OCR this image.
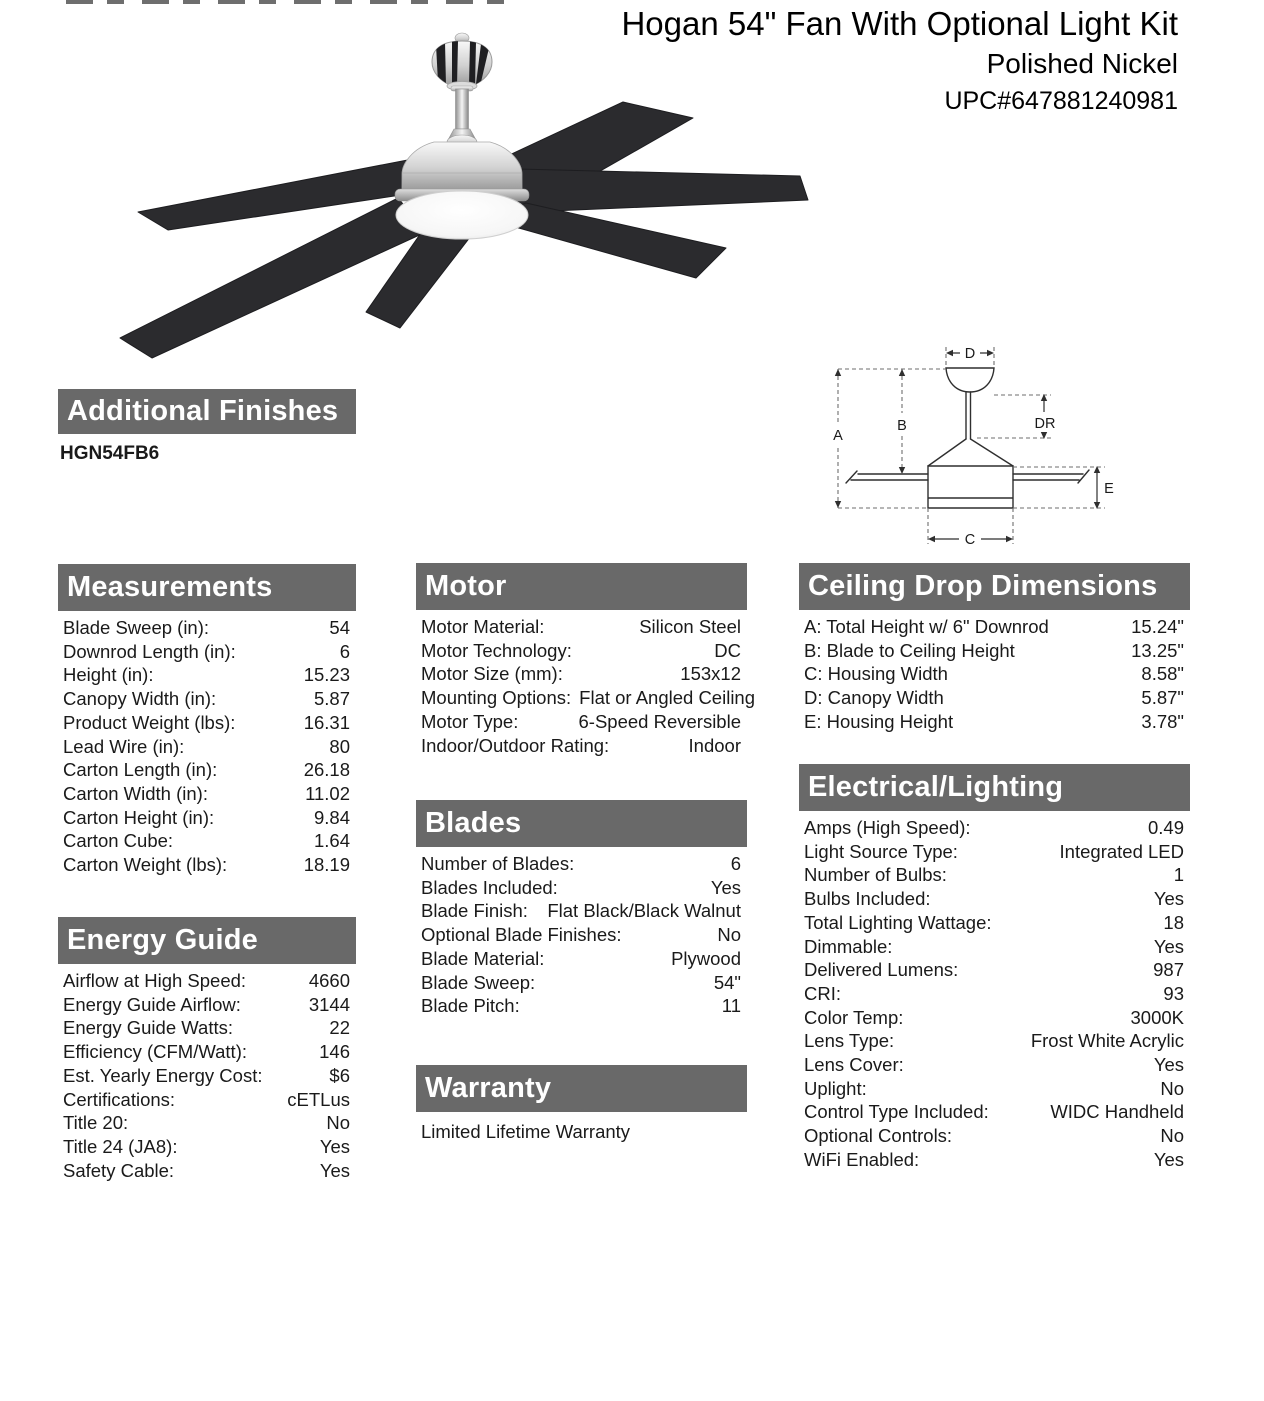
Hogan 54" Fan With Optional Light Kit
Polished Nickel
UPC#647881240981
A
B
C
D
DR
E
Additional Finishes
HGN54FB6
Measurements
Blade Sweep (in):	54
Downrod Length (in):	6
Height (in):	15.23
Canopy Width (in):	5.87
Product Weight (lbs):	16.31
Lead Wire (in):	80
Carton Length (in):	26.18
Carton Width (in):	11.02
Carton Height (in):	9.84
Carton Cube:	1.64
Carton Weight (lbs):	18.19
Energy Guide
Airflow at High Speed:	4660
Energy Guide Airflow:	3144
Energy Guide Watts:	22
Efficiency (CFM/Watt):	146
Est. Yearly Energy Cost:	$6
Certifications:	cETLus
Title 20:	No
Title 24 (JA8):	Yes
Safety Cable:	Yes
Motor
Motor Material:	Silicon Steel
Motor Technology:	DC
Motor Size (mm):	153x12
Mounting Options: Flat or Angled Ceiling
Motor Type:	6-Speed Reversible
Indoor/Outdoor Rating:	Indoor
Blades
Number of Blades:	6
Blades Included:	Yes
Blade Finish:	Flat Black/Black Walnut
Optional Blade Finishes:	No
Blade Material:	Plywood
Blade Sweep:	54"
Blade Pitch:	11
Warranty
Limited Lifetime Warranty
Ceiling Drop Dimensions
A: Total Height w/ 6" Downrod	15.24"
B: Blade to Ceiling Height	13.25"
C: Housing Width	8.58"
D: Canopy Width	5.87"
E: Housing Height	3.78"
Electrical/Lighting
Amps (High Speed):	0.49
Light Source Type:	Integrated LED
Number of Bulbs:	1
Bulbs Included:	Yes
Total Lighting Wattage:	18
Dimmable:	Yes
Delivered Lumens:	987
CRI:	93
Color Temp:	3000K
Lens Type:	Frost White Acrylic
Lens Cover:	Yes
Uplight:	No
Control Type Included:	WIDC Handheld
Optional Controls:	No
WiFi Enabled:	Yes
